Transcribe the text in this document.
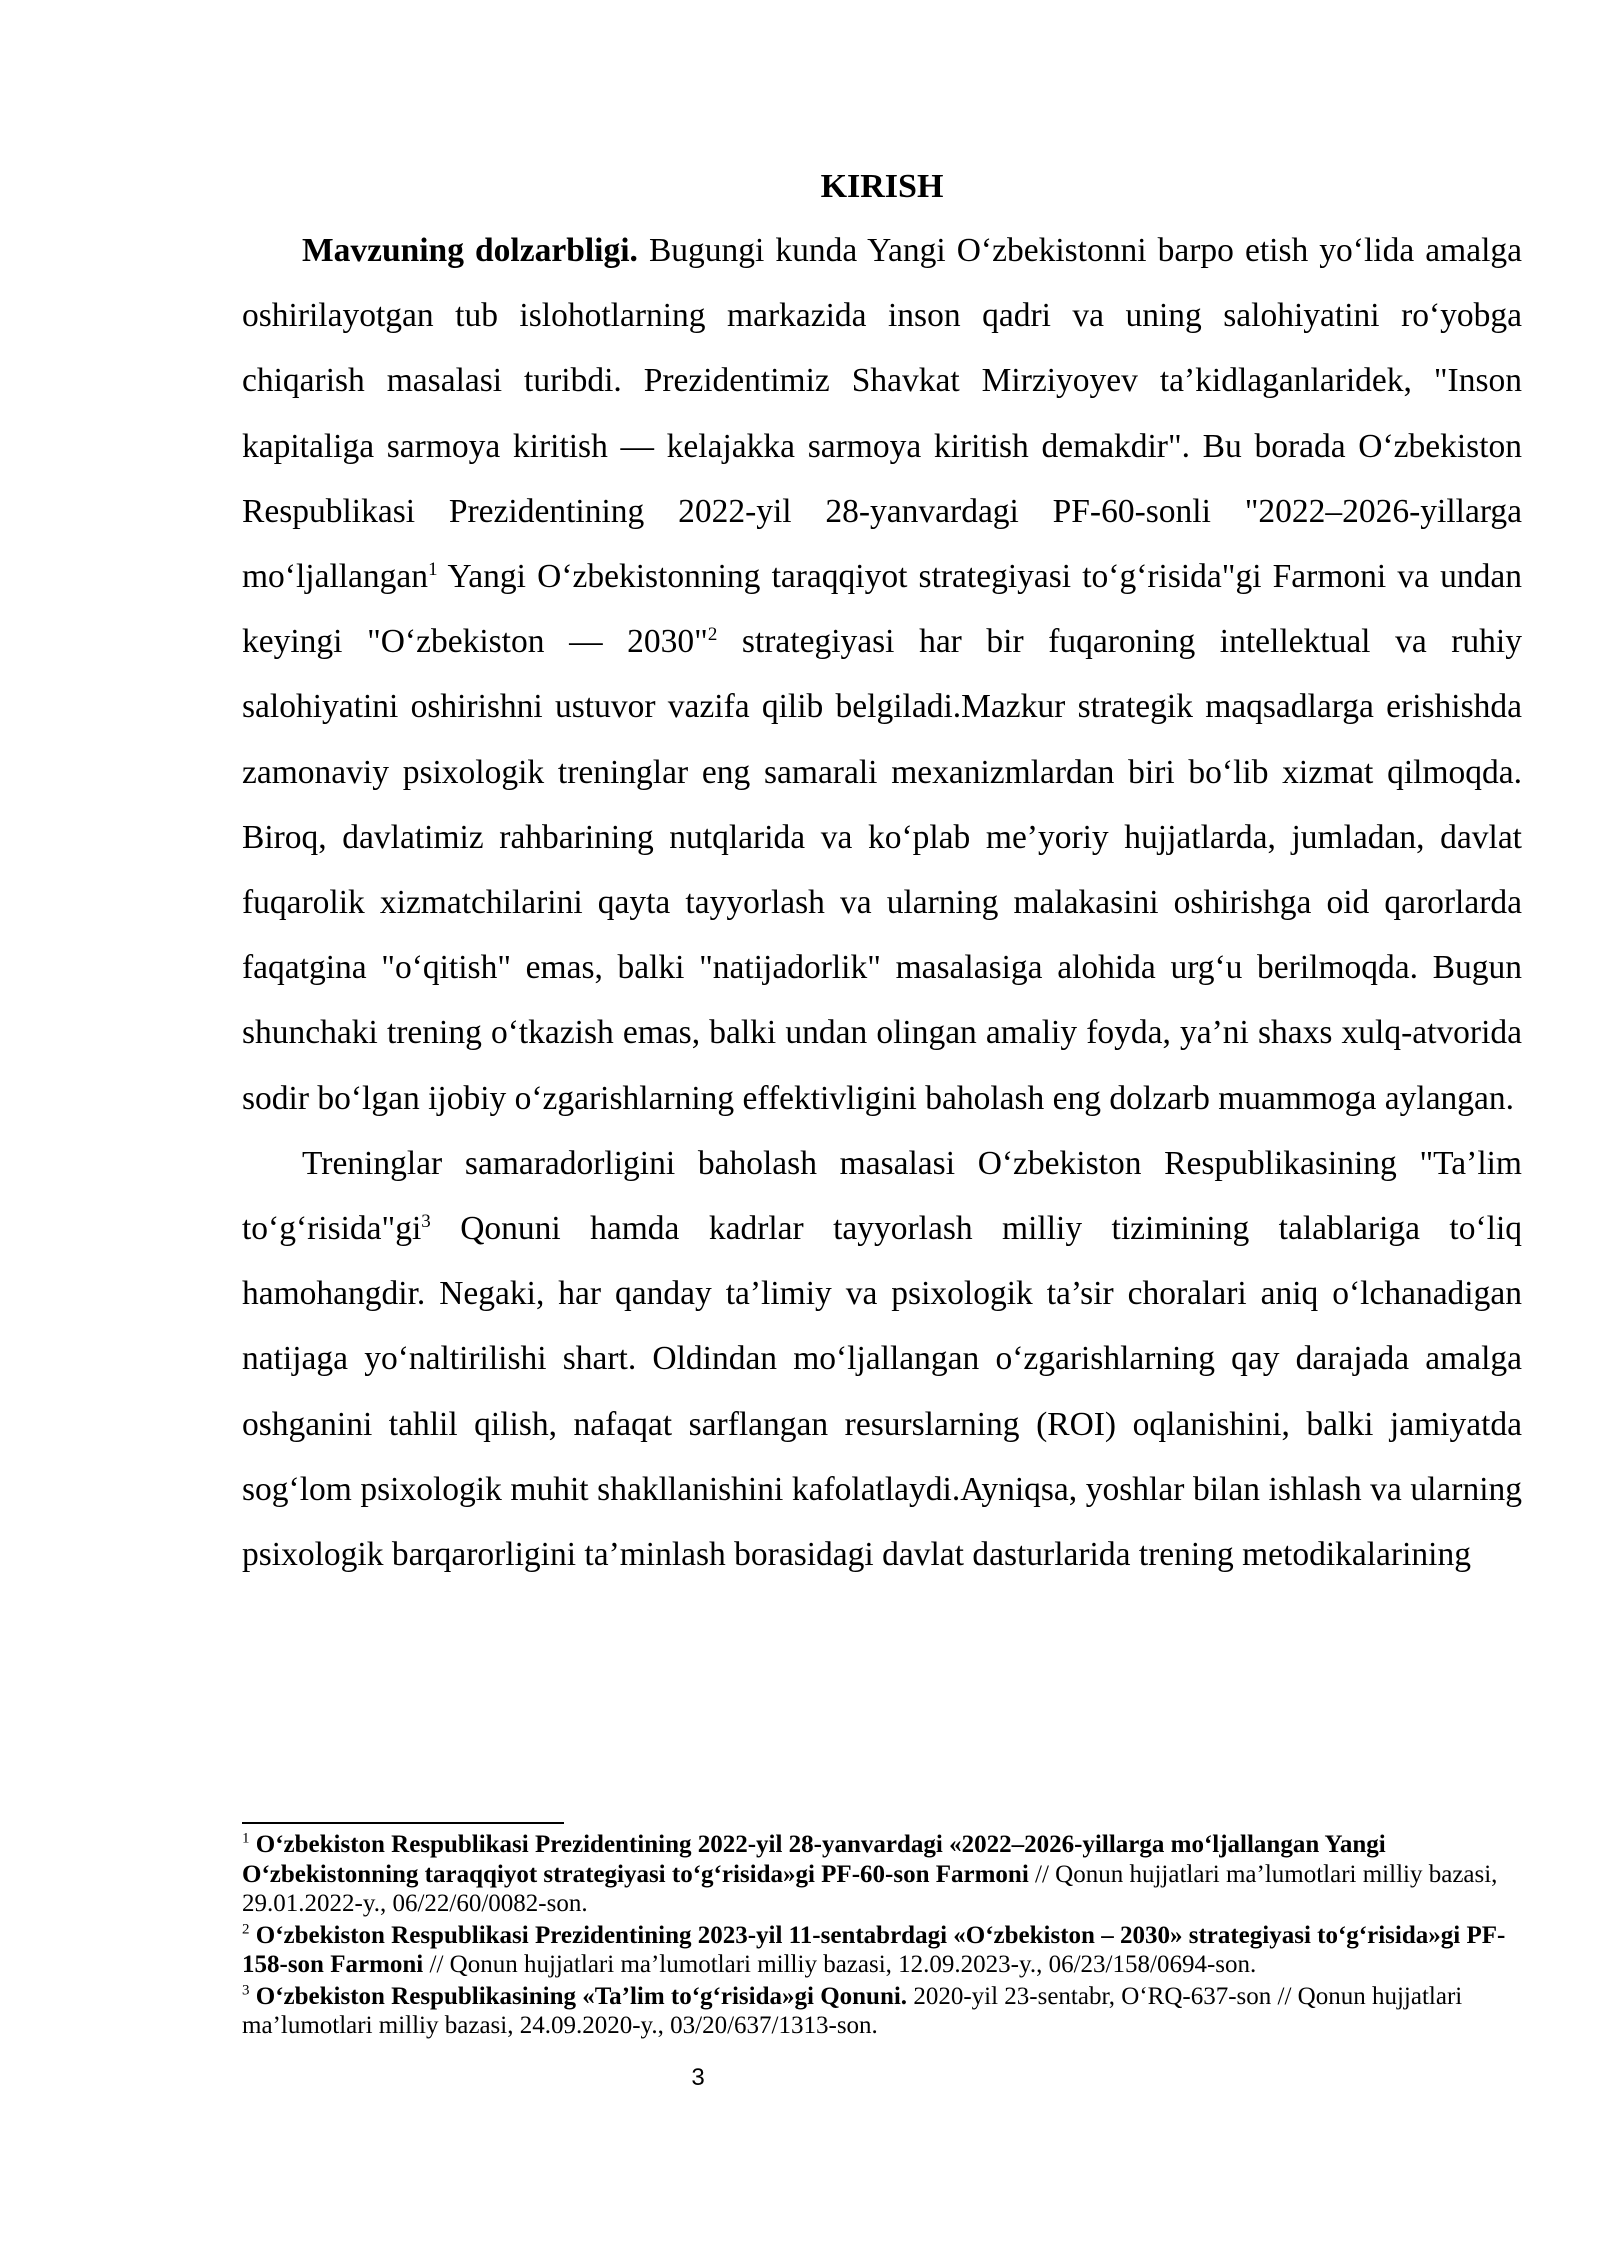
KIRISH

Mavzuning dolzarbligi. Bugungi kunda Yangi O‘zbekistonni barpo etish yo‘lida amalga oshirilayotgan tub islohotlarning markazida inson qadri va uning salohiyatini ro‘yobga chiqarish masalasi turibdi. Prezidentimiz Shavkat Mirziyoyev ta’kidlaganlaridek, "Inson kapitaliga sarmoya kiritish — kelajakka sarmoya kiritish demakdir". Bu borada O‘zbekiston Respublikasi Prezidentining 2022-yil 28-yanvardagi PF-60-sonli "2022–2026-yillarga mo‘ljallangan$^1$ Yangi O‘zbekistonning taraqqiyot strategiyasi to‘g‘risida"gi Farmoni va undan keyingi "O‘zbekiston — 2030"$^2$ strategiyasi har bir fuqaroning intellektual va ruhiy salohiyatini oshirishni ustuvor vazifa qilib belgiladi.Mazkur strategik maqsadlarga erishishda zamonaviy psixologik treninglar eng samarali mexanizmlardan biri bo‘lib xizmat qilmoqda. Biroq, davlatimiz rahbarining nutqlarida va ko‘plab me’yoriy hujjatlarda, jumladan, davlat fuqarolik xizmatchilarini qayta tayyorlash va ularning malakasini oshirishga oid qarorlarda faqatgina "o‘qitish" emas, balki "natijadorlik" masalasiga alohida urg‘u berilmoqda. Bugun shunchaki trening o‘tkazish emas, balki undan olingan amaliy foyda, ya’ni shaxs xulq-atvorida sodir bo‘lgan ijobiy o‘zgarishlarning effektivligini baholash eng dolzarb muammoga aylangan.

Treninglar samaradorligini baholash masalasi O‘zbekiston Respublikasining "Ta’lim $to‘g‘risida"gi^3$ Qonuni hamda kadrlar tayyorlash milliy tizimining talablariga to‘liq hamohangdir. Negaki, har qanday ta’limiy va psixologik ta’sir choralari aniq o‘lchanadigan natijaga yo‘naltirilishi shart. Oldindan mo‘ljallangan o‘zgarishlarning qay darajada amalga oshganini tahlil qilish, nafaqat sarflangan resurslarning (ROI) oqlanishini, balki jamiyatda sog‘lom psixologik muhit shakllanishini kafolatlaydi.Ayniqsa, yoshlar bilan ishlash va ularning psixologik barqarorligini ta’minlash borasidagi davlat dasturlarida trening metodikalarining

$^1$ O‘zbekiston Respublikasi Prezidentining 2022-yil 28-yanvardagi «2022–2026-yillarga mo‘ljallangan Yangi O‘zbekistonning taraqqiyot strategiyasi to‘g‘risida»gi PF-60-son Farmoni // Qonun hujjatlari ma’lumotlari milliy bazasi, 29.01.2022-y., 06/22/60/0082-son.

$^2$ O‘zbekiston Respublikasi Prezidentining 2023-yil 11-sentabrdagi «O‘zbekiston – 2030» strategiyasi to‘g‘risida»gi PF-158-son Farmoni // Qonun hujjatlari ma’lumotlari milliy bazasi, 12.09.2023-y., 06/23/158/0694-son.

$^3$ O‘zbekiston Respublikasining «Ta’lim to‘g‘risida»gi Qonuni. 2020-yil 23-sentabr, O‘RQ-637-son // Qonun hujjatlari ma’lumotlari milliy bazasi, 24.09.2020-y., 03/20/637/1313-son.

3
